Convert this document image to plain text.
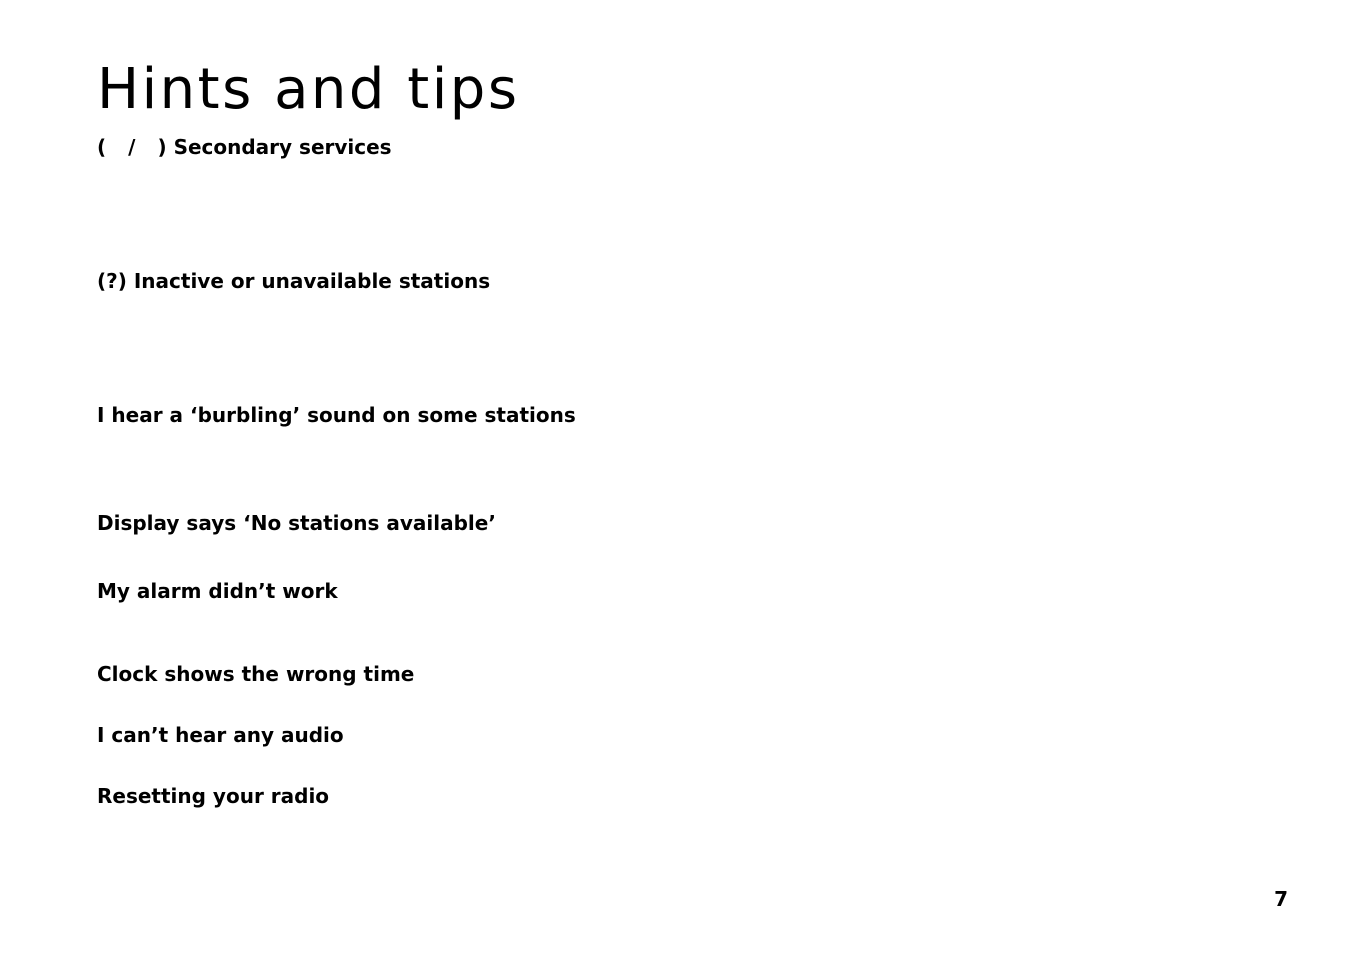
Hints and tips
( / ) Secondary services
(?) Inactive or unavailable stations
I hear a ‘burbling’ sound on some stations
Display says ‘No stations available’
My alarm didn’t work
Clock shows the wrong time
I can’t hear any audio
Resetting your radio
7
